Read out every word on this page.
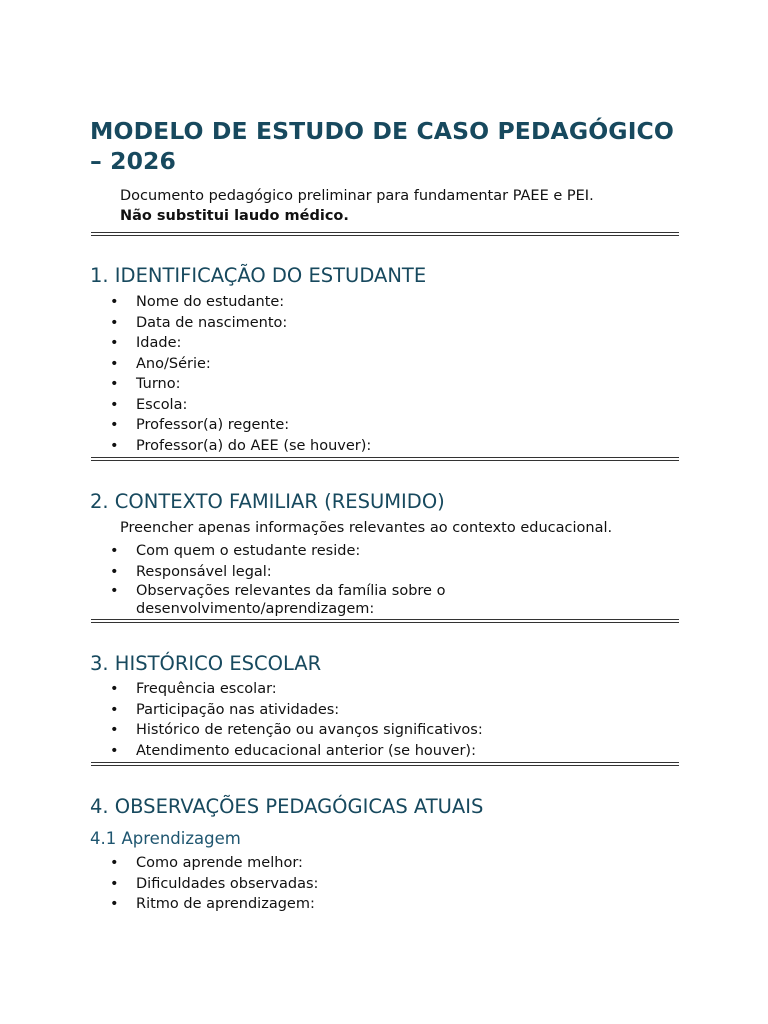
MODELO DE ESTUDO DE CASO PEDAGÓGICO – 2026
Documento pedagógico preliminar para fundamentar PAEE e PEI.
Não substitui laudo médico.
1. IDENTIFICAÇÃO DO ESTUDANTE
• Nome do estudante:
• Data de nascimento:
• Idade:
• Ano/Série:
• Turno:
• Escola:
• Professor(a) regente:
• Professor(a) do AEE (se houver):
2. CONTEXTO FAMILIAR (RESUMIDO)

Preencher apenas informações relevantes ao contexto educacional.

• Com quem o estudante reside:
• Responsável legal:
• Observações relevantes da família sobre o desenvolvimento/aprendizagem:
3. HISTÓRICO ESCOLAR
• Frequência escolar:
• Participação nas atividades:
• Histórico de retenção ou avanços significativos:
• Atendimento educacional anterior (se houver):
4. OBSERVAÇÕES PEDAGÓGICAS ATUAIS
4.1 Aprendizagem
• Como aprende melhor:
• Dificuldades observadas:
• Ritmo de aprendizagem:
